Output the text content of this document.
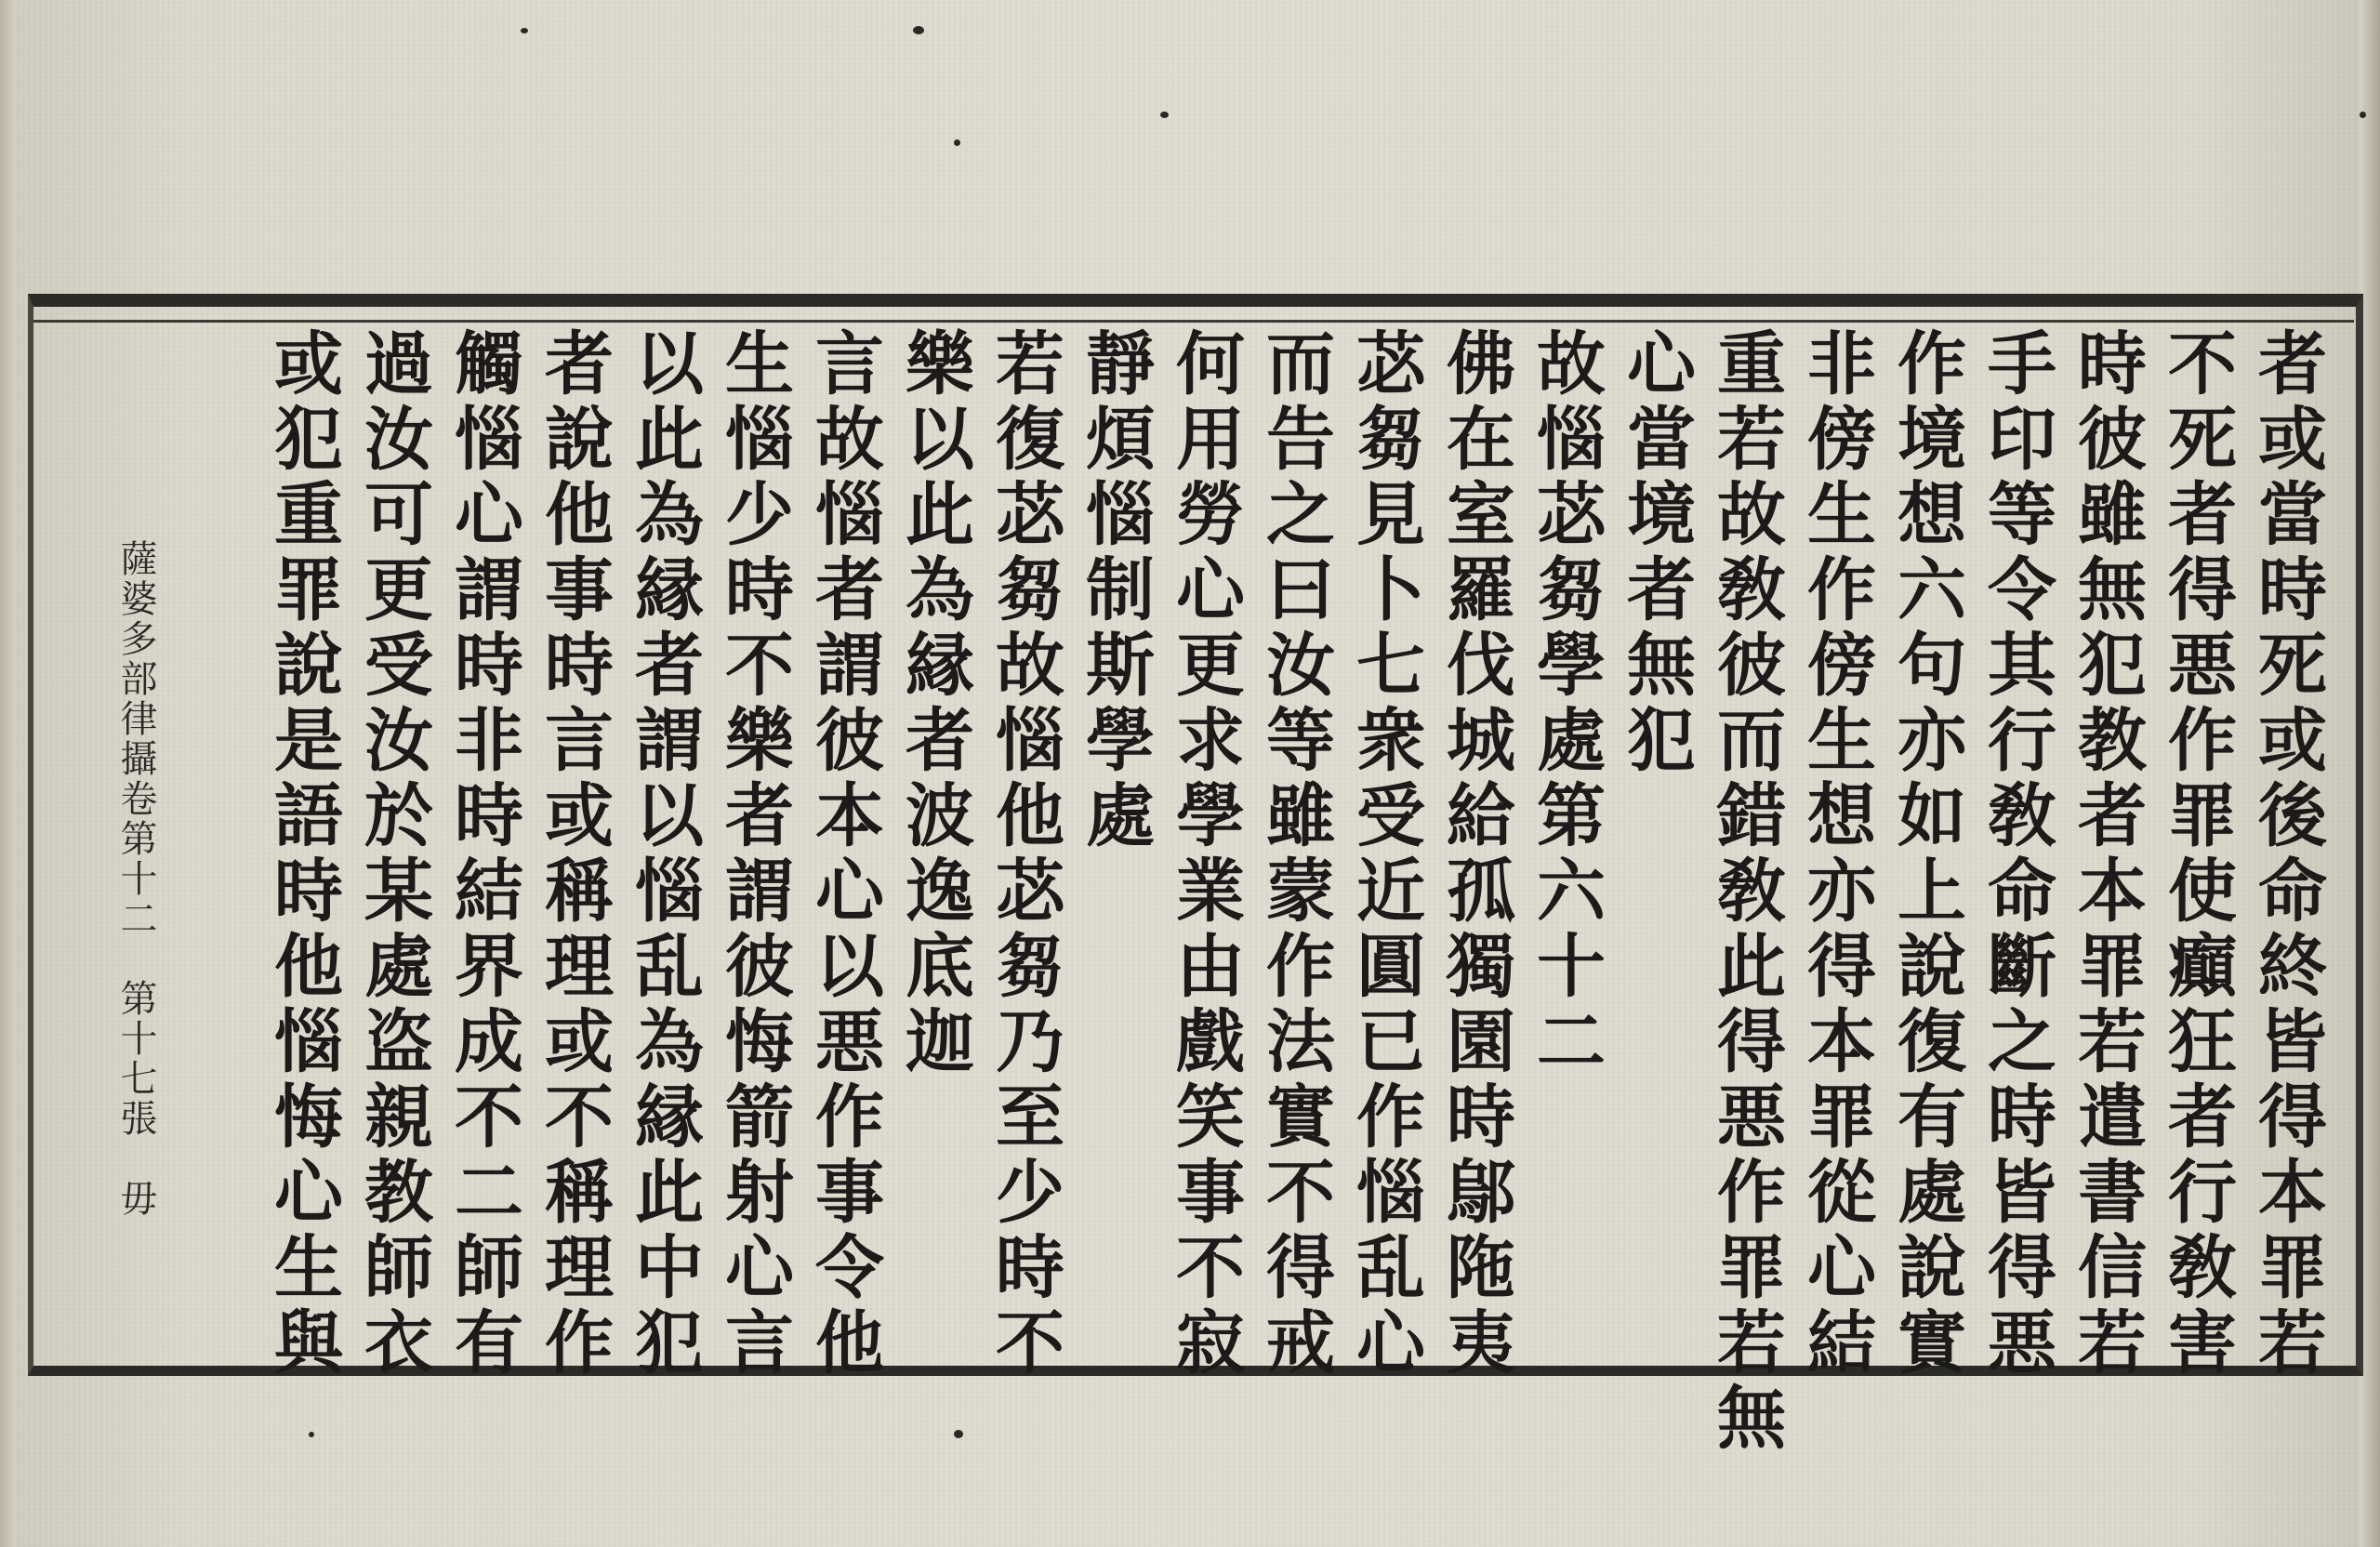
者或當時死或後命終皆得本罪若
不死者得悪作罪使癲狂者行敎害
時彼雖無犯教者本罪若遣書信若
手印等令其行敎命斷之時皆得悪
作境想六句亦如上說復有處說實
非傍生作傍生想亦得本罪從心結
重若故敎彼而錯敎此得悪作罪若無
心當境者無犯
故惱苾芻學處第六十二
佛在室羅伐城給孤獨園時鄔陁夷
苾芻見卜七衆受近圓已作惱乱心
而告之曰汝等雖蒙作法實不得戒
何用勞心更求學業由戲笑事不寂
靜煩惱制斯學處
若復苾芻故惱他苾芻乃至少時不
樂以此為縁者波逸底迦
言故惱者謂彼本心以悪作事令他
生惱少時不樂者謂彼悔箭射心言
以此為縁者謂以惱乱為縁此中犯
者說他事時言或稱理或不稱理作
觸惱心謂時非時結界成不二師有
過汝可更受汝於某處盗親教師衣
或犯重罪說是語時他惱悔心生與
薩婆多部律攝卷第十二　第十七張　毋
